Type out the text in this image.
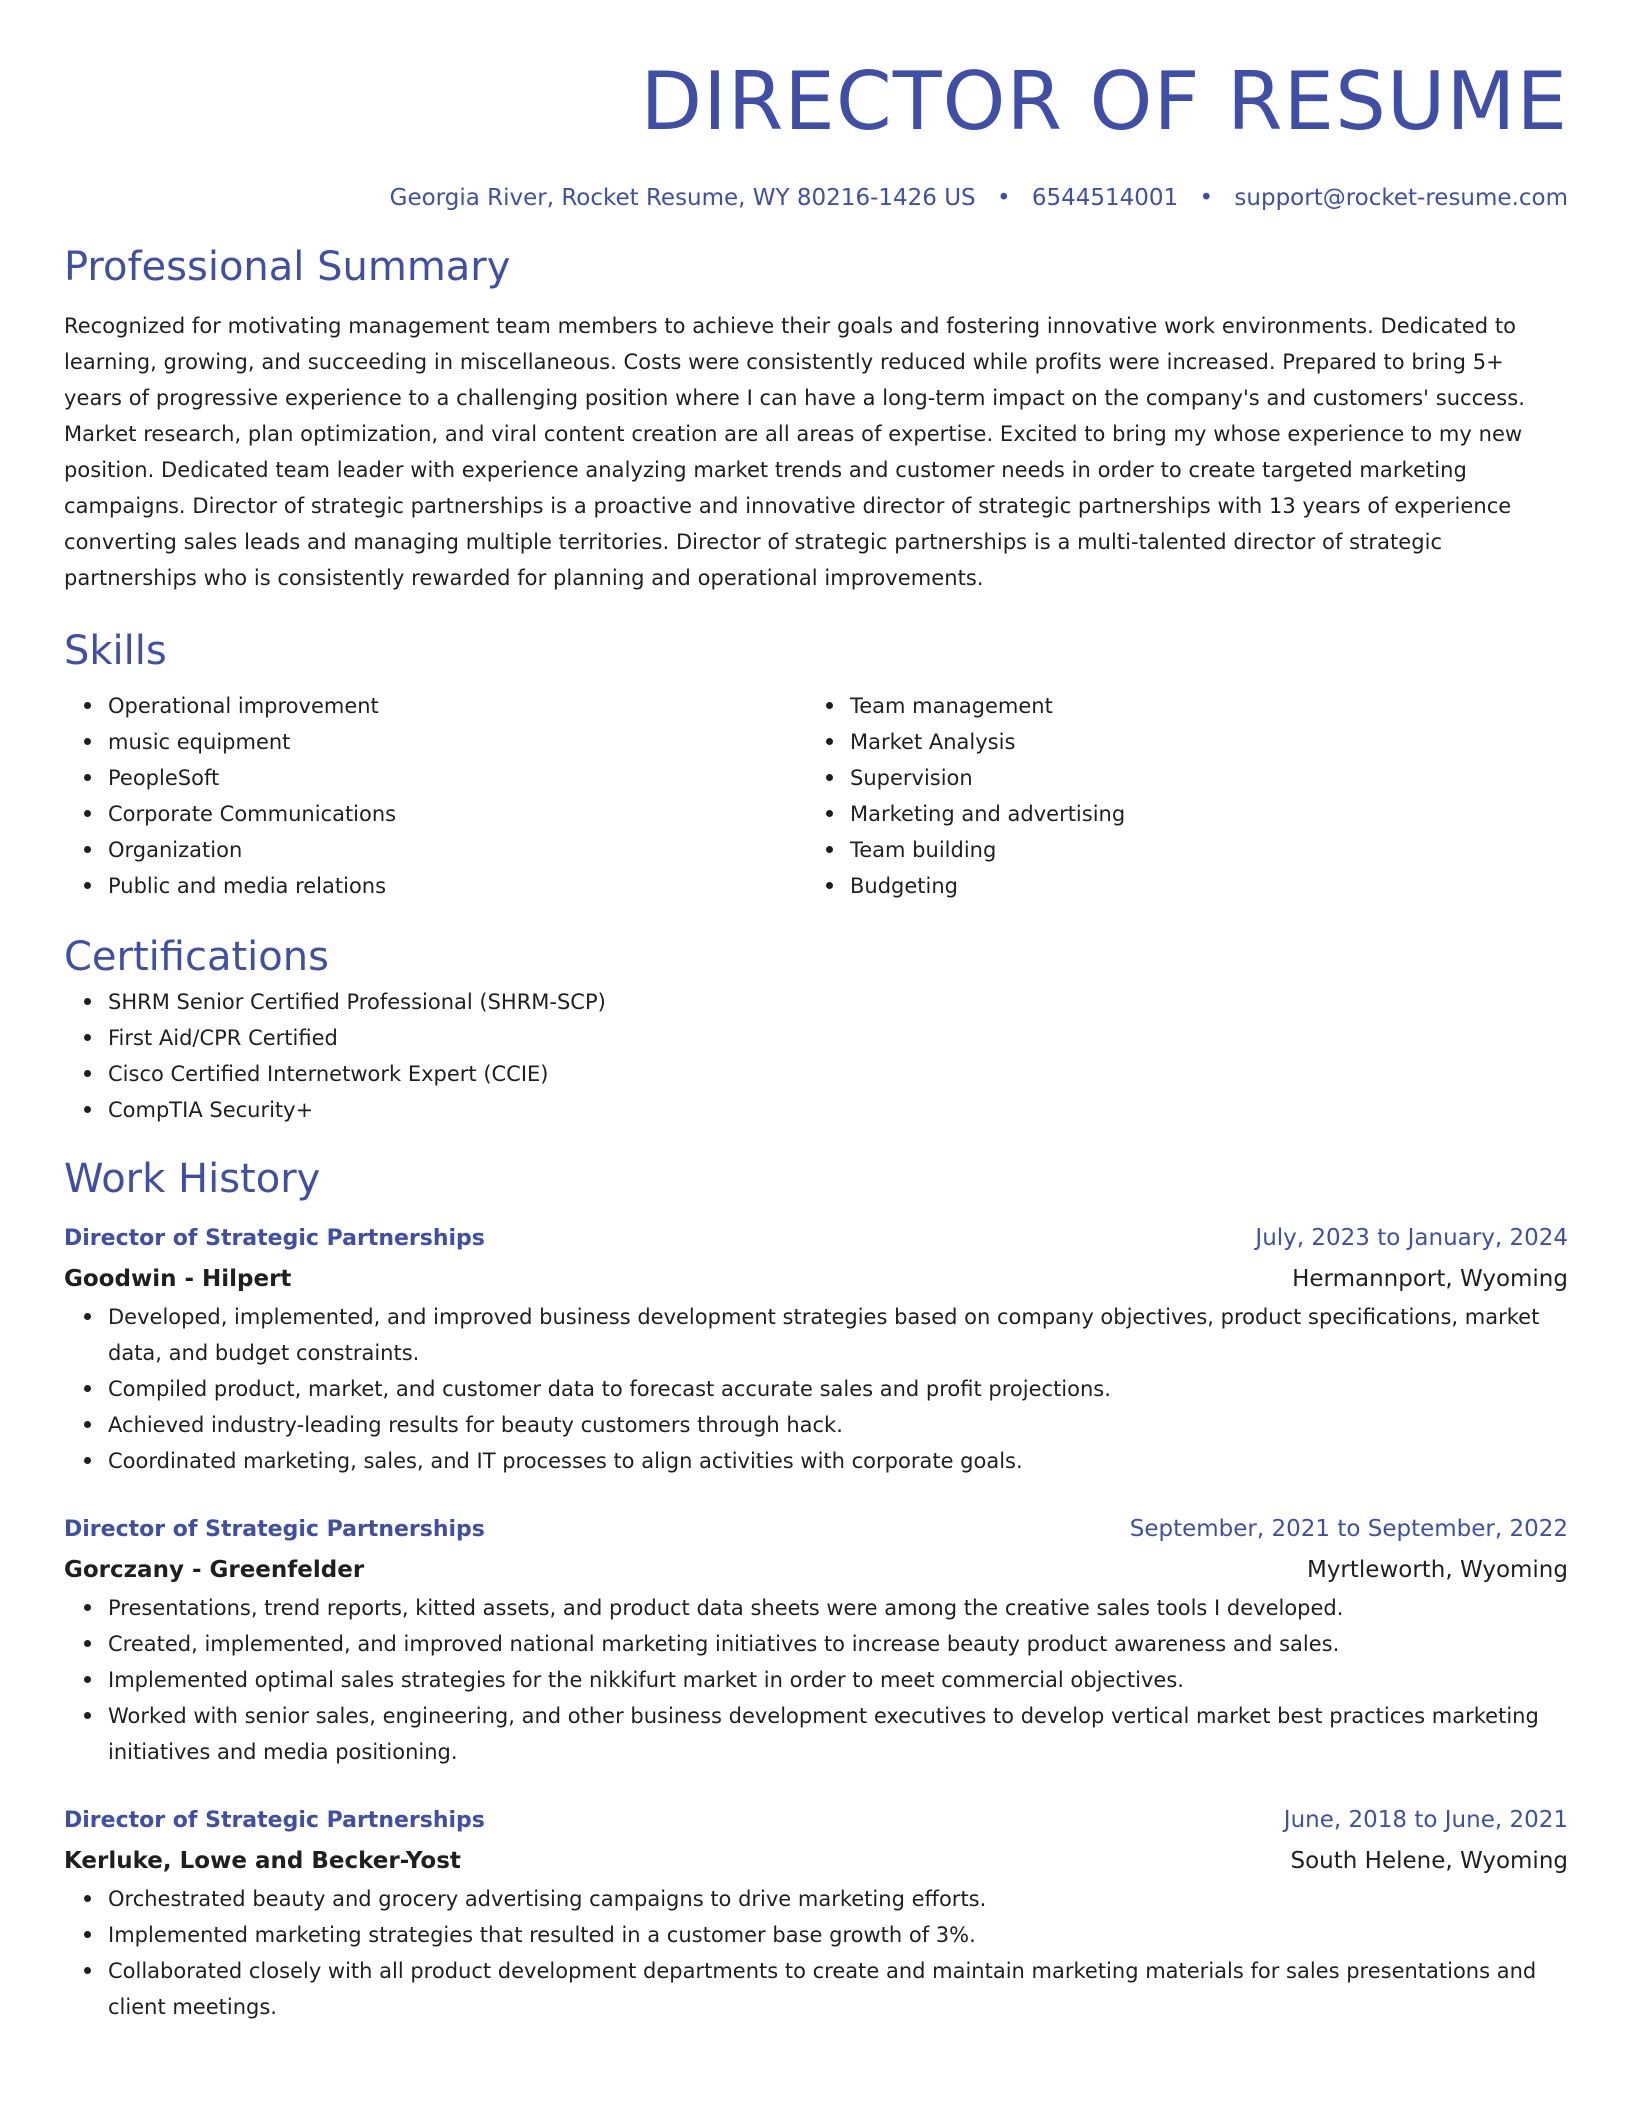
DIRECTOR OF RESUME
Georgia River, Rocket Resume, WY 80216-1426 US • 6544514001 • support@rocket-resume.com
Professional Summary
Recognized for motivating management team members to achieve their goals and fostering innovative work environments. Dedicated to learning, growing, and succeeding in miscellaneous. Costs were consistently reduced while profits were increased. Prepared to bring 5+ years of progressive experience to a challenging position where I can have a long-term impact on the company's and customers' success. Market research, plan optimization, and viral content creation are all areas of expertise. Excited to bring my whose experience to my new position. Dedicated team leader with experience analyzing market trends and customer needs in order to create targeted marketing campaigns. Director of strategic partnerships is a proactive and innovative director of strategic partnerships with 13 years of experience converting sales leads and managing multiple territories. Director of strategic partnerships is a multi-talented director of strategic partnerships who is consistently rewarded for planning and operational improvements.
Skills
Operational improvement
music equipment
PeopleSoft
Corporate Communications
Organization
Public and media relations
Team management
Market Analysis
Supervision
Marketing and advertising
Team building
Budgeting
Certifications
SHRM Senior Certified Professional (SHRM-SCP)
First Aid/CPR Certified
Cisco Certified Internetwork Expert (CCIE)
CompTIA Security+
Work History
Director of Strategic Partnerships	July, 2023 to January, 2024
Goodwin - Hilpert	Hermannport, Wyoming
Developed, implemented, and improved business development strategies based on company objectives, product specifications, market data, and budget constraints.
Compiled product, market, and customer data to forecast accurate sales and profit projections.
Achieved industry-leading results for beauty customers through hack.
Coordinated marketing, sales, and IT processes to align activities with corporate goals.
Director of Strategic Partnerships	September, 2021 to September, 2022
Gorczany - Greenfelder	Myrtleworth, Wyoming
Presentations, trend reports, kitted assets, and product data sheets were among the creative sales tools I developed.
Created, implemented, and improved national marketing initiatives to increase beauty product awareness and sales.
Implemented optimal sales strategies for the nikkifurt market in order to meet commercial objectives.
Worked with senior sales, engineering, and other business development executives to develop vertical market best practices marketing initiatives and media positioning.
Director of Strategic Partnerships	June, 2018 to June, 2021
Kerluke, Lowe and Becker-Yost	South Helene, Wyoming
Orchestrated beauty and grocery advertising campaigns to drive marketing efforts.
Implemented marketing strategies that resulted in a customer base growth of 3%.
Collaborated closely with all product development departments to create and maintain marketing materials for sales presentations and client meetings.
